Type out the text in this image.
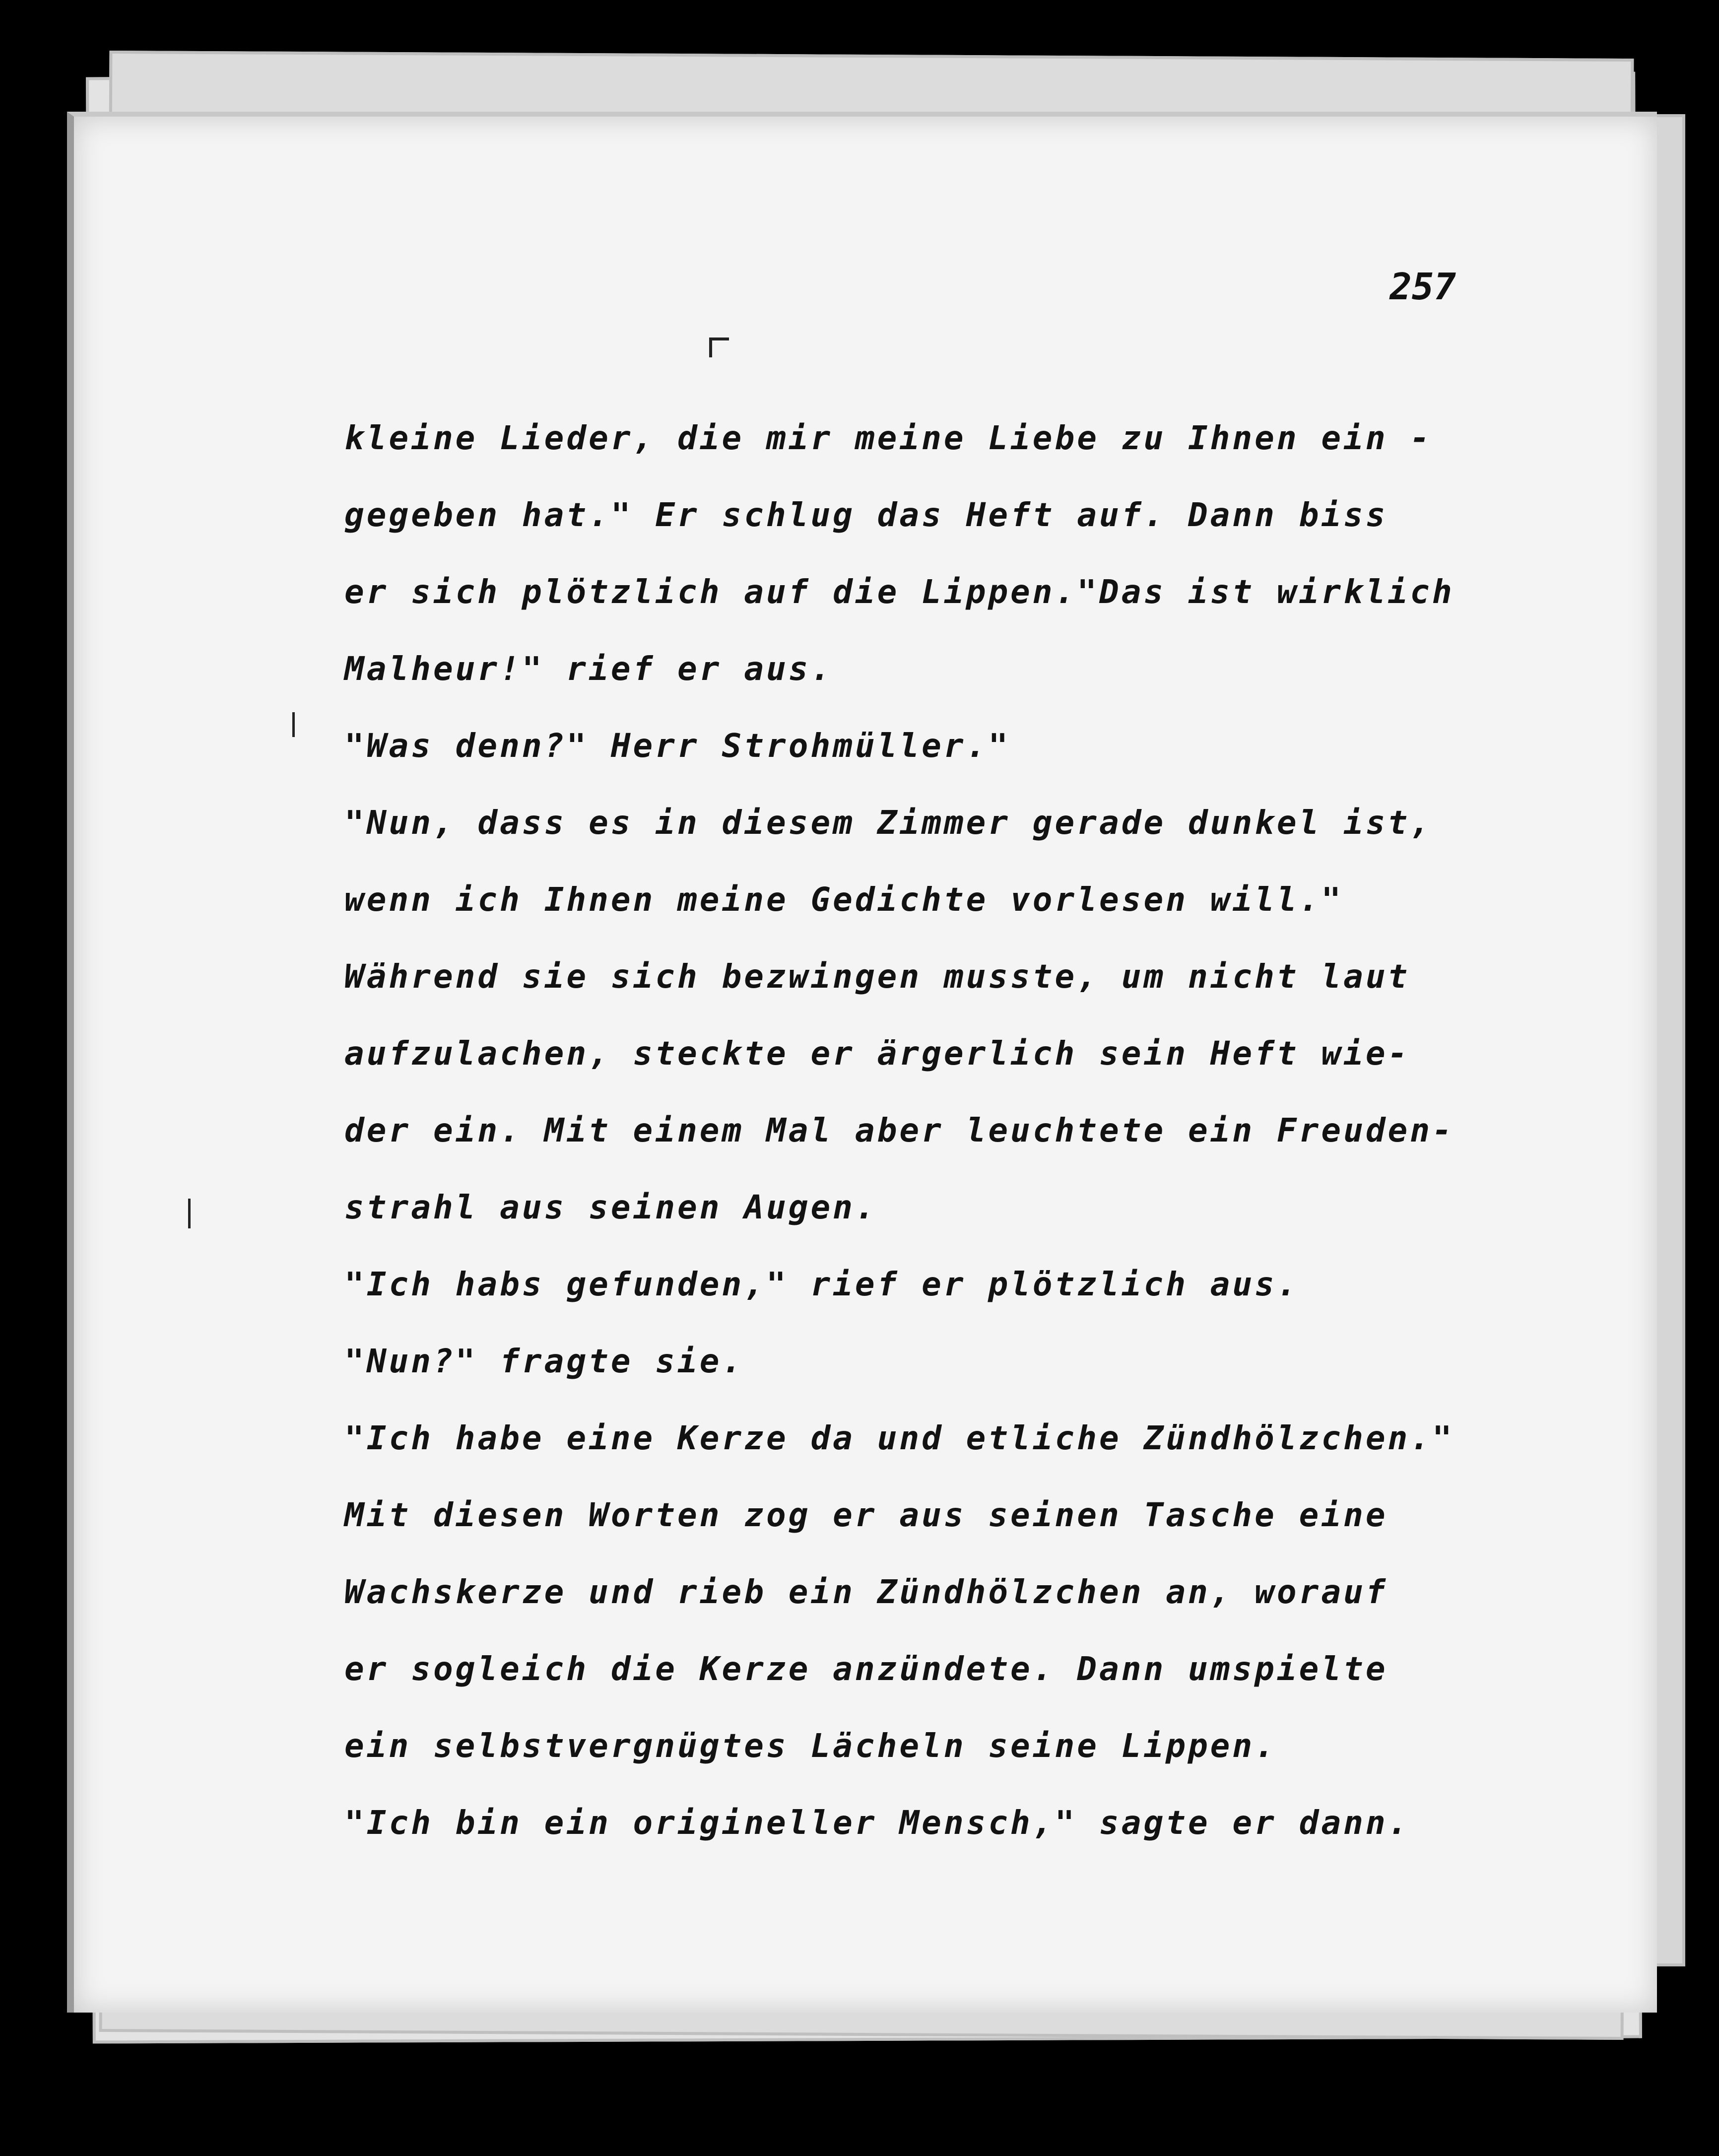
257
kleine Lieder, die mir meine Liebe zu Ihnen ein -
gegeben hat." Er schlug das Heft auf. Dann biss
er sich plötzlich auf die Lippen."Das ist wirklich
Malheur!" rief er aus.
"Was denn?" Herr Strohmüller."
"Nun, dass es in diesem Zimmer gerade dunkel ist,
wenn ich Ihnen meine Gedichte vorlesen will."
Während sie sich bezwingen musste, um nicht laut
aufzulachen, steckte er ärgerlich sein Heft wie-
der ein. Mit einem Mal aber leuchtete ein Freuden-
strahl aus seinen Augen.
"Ich habs gefunden," rief er plötzlich aus.
"Nun?" fragte sie.
"Ich habe eine Kerze da und etliche Zündhölzchen."
Mit diesen Worten zog er aus seinen Tasche eine
Wachskerze und rieb ein Zündhölzchen an, worauf
er sogleich die Kerze anzündete. Dann umspielte
ein selbstvergnügtes Lächeln seine Lippen.
"Ich bin ein origineller Mensch," sagte er dann.
